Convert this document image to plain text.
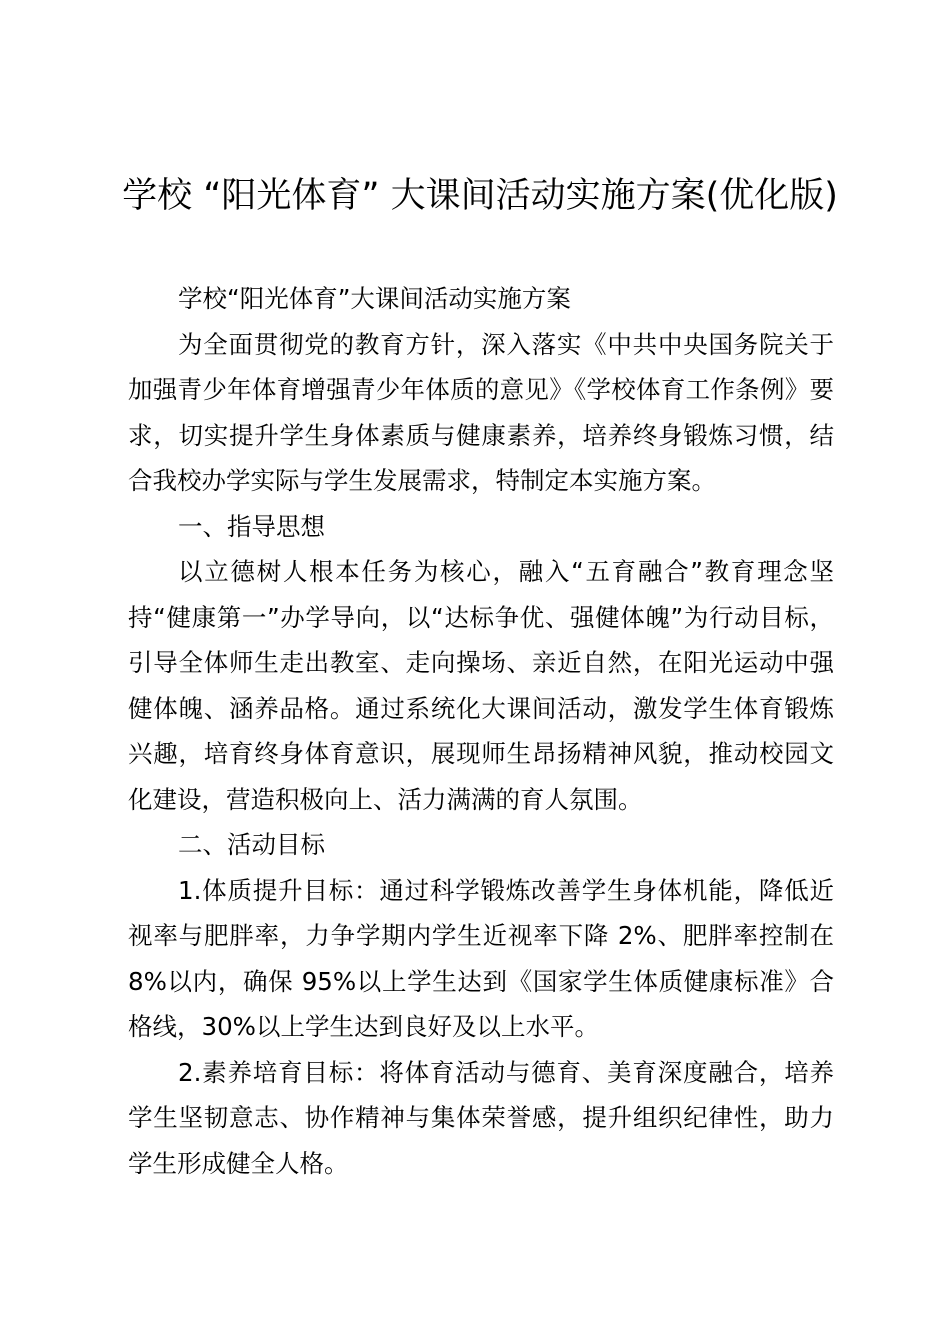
学校 “阳光体育” 大课间活动实施方案(优化版)

学校“阳光体育”大课间活动实施方案

为全面贯彻党的教育方针，深入落实《中共中央国务院关于加强青少年体育增强青少年体质的意见》《学校体育工作条例》要求，切实提升学生身体素质与健康素养，培养终身锻炼习惯，结合我校办学实际与学生发展需求，特制定本实施方案。

一、指导思想

以立德树人根本任务为核心，融入“五育融合”教育理念坚持“健康第一”办学导向，以“达标争优、强健体魄”为行动目标，引导全体师生走出教室、走向操场、亲近自然，在阳光运动中强健体魄、涵养品格。通过系统化大课间活动，激发学生体育锻炼兴趣，培育终身体育意识，展现师生昂扬精神风貌，推动校园文化建设，营造积极向上、活力满满的育人氛围。

二、活动目标

1.体质提升目标：通过科学锻炼改善学生身体机能，降低近视率与肥胖率，力争学期内学生近视率下降 2%、肥胖率控制在 8%以内，确保 95%以上学生达到《国家学生体质健康标准》合格线，30%以上学生达到良好及以上水平。

2.素养培育目标：将体育活动与德育、美育深度融合，培养学生坚韧意志、协作精神与集体荣誉感，提升组织纪律性，助力学生形成健全人格。
